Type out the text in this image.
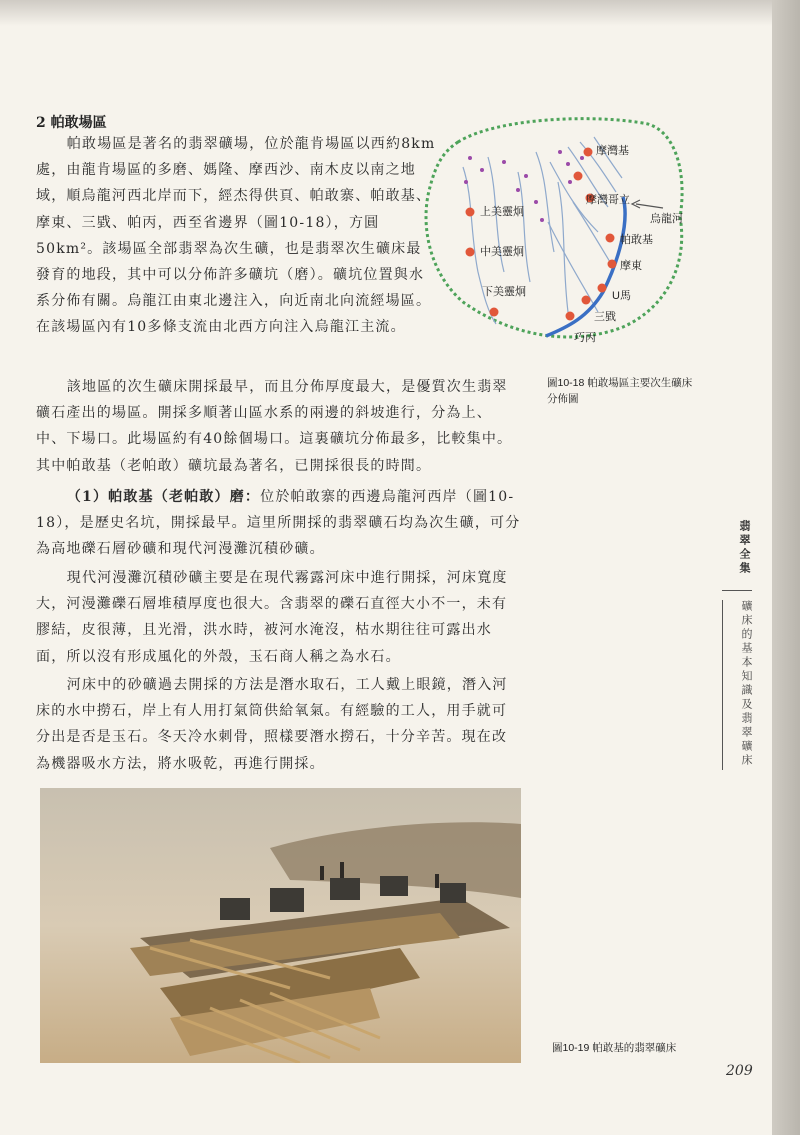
2 帕敢場區

帕敢場區是著名的翡翠礦場，位於龍肯場區以西約8km處，由龍肯場區的多磨、媽隆、摩西沙、南木皮以南之地域，順烏龍河西北岸而下，經杰得供頁、帕敢寨、帕敢基、摩東、三戥、帕丙，西至省邊界（圖10-18），方圓50km²。該場區全部翡翠為次生礦，也是翡翠次生礦床最發育的地段，其中可以分佈許多礦坑（磨）。礦坑位置與水系分佈有關。烏龍江由東北邊注入，向近南北向流經場區。在該場區內有10多條支流由北西方向注入烏龍江主流。

該地區的次生礦床開採最早，而且分佈厚度最大，是優質次生翡翠礦石產出的場區。開採多順著山區水系的兩邊的斜坡進行，分為上、中、下場口。此場區約有40餘個場口。這裏礦坑分佈最多，比較集中。其中帕敢基（老帕敢）礦坑最為著名，已開採很長的時間。

（1）帕敢基（老帕敢）磨：位於帕敢寨的西邊烏龍河西岸（圖10-18），是歷史名坑，開採最早。這里所開採的翡翠礦石均為次生礦，可分為高地礫石層砂礦和現代河漫灘沉積砂礦。

現代河漫灘沉積砂礦主要是在現代霧露河床中進行開採，河床寬度大，河漫灘礫石層堆積厚度也很大。含翡翠的礫石直徑大小不一，未有膠結，皮很薄，且光滑，洪水時，被河水淹沒，枯水期往往可露出水面，所以沒有形成風化的外殼，玉石商人稱之為水石。

河床中的砂礦過去開採的方法是潛水取石，工人戴上眼鏡，潛入河床的水中撈石，岸上有人用打氣筒供給氧氣。有經驗的工人，用手就可分出是否是玉石。冬天冷水刺骨，照樣要潛水撈石，十分辛苦。現在改為機器吸水方法，將水吸乾，再進行開採。

摩灣基
摩灣哥立
烏龍河
上美靈炯
中美靈炯
帕敢基
摩東
下美靈炯	U馬
三戥
巧丙
圖10-18 帕敢場區主要次生礦床分佈圖
翡翠全集
礦床的基本知識及翡翠礦床
圖10-19 帕敢基的翡翠礦床
209
